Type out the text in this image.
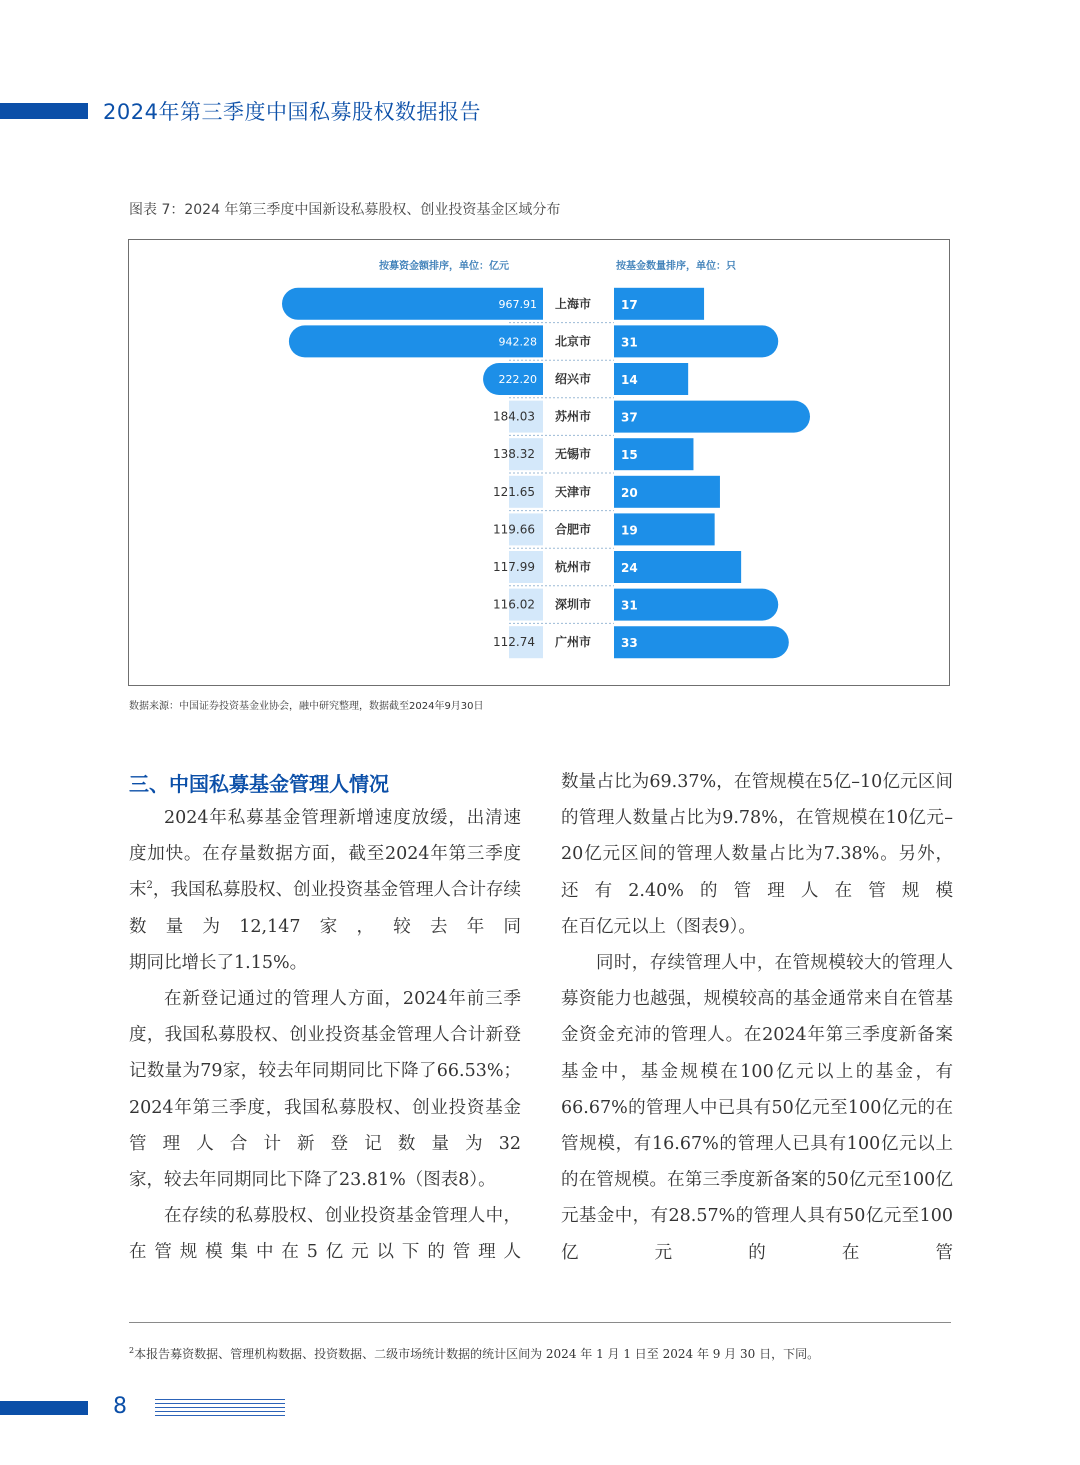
2024年第三季度中国私募股权数据报告
图表 7：2024 年第三季度中国新设私募股权、创业投资基金区域分布
按募资金额排序，单位：亿元	按基金数量排序，单位：只
967.91 上海市 17
942.28 北京市 31
222.20 绍兴市 14
184.03 苏州市 37
138.32 无锡市 15
121.65 天津市 20
119.66 合肥市 19
117.99 杭州市 24
116.02 深圳市 31
112.74 广州市 33
数据来源：中国证券投资基金业协会，融中研究整理，数据截至2024年9月30日
三、中国私募基金管理人情况

2024年私募基金管理新增速度放缓，出清速度加快。在存量数据方面，截至2024年第三季度末$^2$，我国私募股权、创业投资基金管理人合计存续数量为12,147家，较去年同

期同比增长了1.15%。

在新登记通过的管理人方面，2024年前三季度，我国私募股权、创业投资基金管理人合计新登记数量为79家，较去年同期同比下降了66.53%；2024年第三季度，我国私募股权、创业投资基金管理人合计新登记数量为32

家，较去年同期同比下降了23.81%（图表8）。

在存续的私募股权、创业投资基金管理人中，在管规模集中在5亿元以下的管理人

数量占比为69.37%，在管规模在5亿–10亿元区间的管理人数量占比为9.78%，在管规模在10亿元–20亿元区间的管理人数量占比为7.38%。另外，还有2.40%的管理人在管规模

在百亿元以上（图表9）。

同时，存续管理人中，在管规模较大的管理人募资能力也越强，规模较高的基金通常来自在管基金资金充沛的管理人。在2024年第三季度新备案基金中，基金规模在100亿元以上的基金，有66.67%的管理人中已具有50亿元至100亿元的在管规模，有16.67%的管理人已具有100亿元以上的在管规模。在第三季度新备案的50亿元至100亿元基金中，有28.57%的管理人具有50亿元至100亿元的在管

$^2$本报告募资数据、管理机构数据、投资数据、二级市场统计数据的统计区间为 2024 年 1 月 1 日至 2024 年 9 月 30 日，下同。
8
